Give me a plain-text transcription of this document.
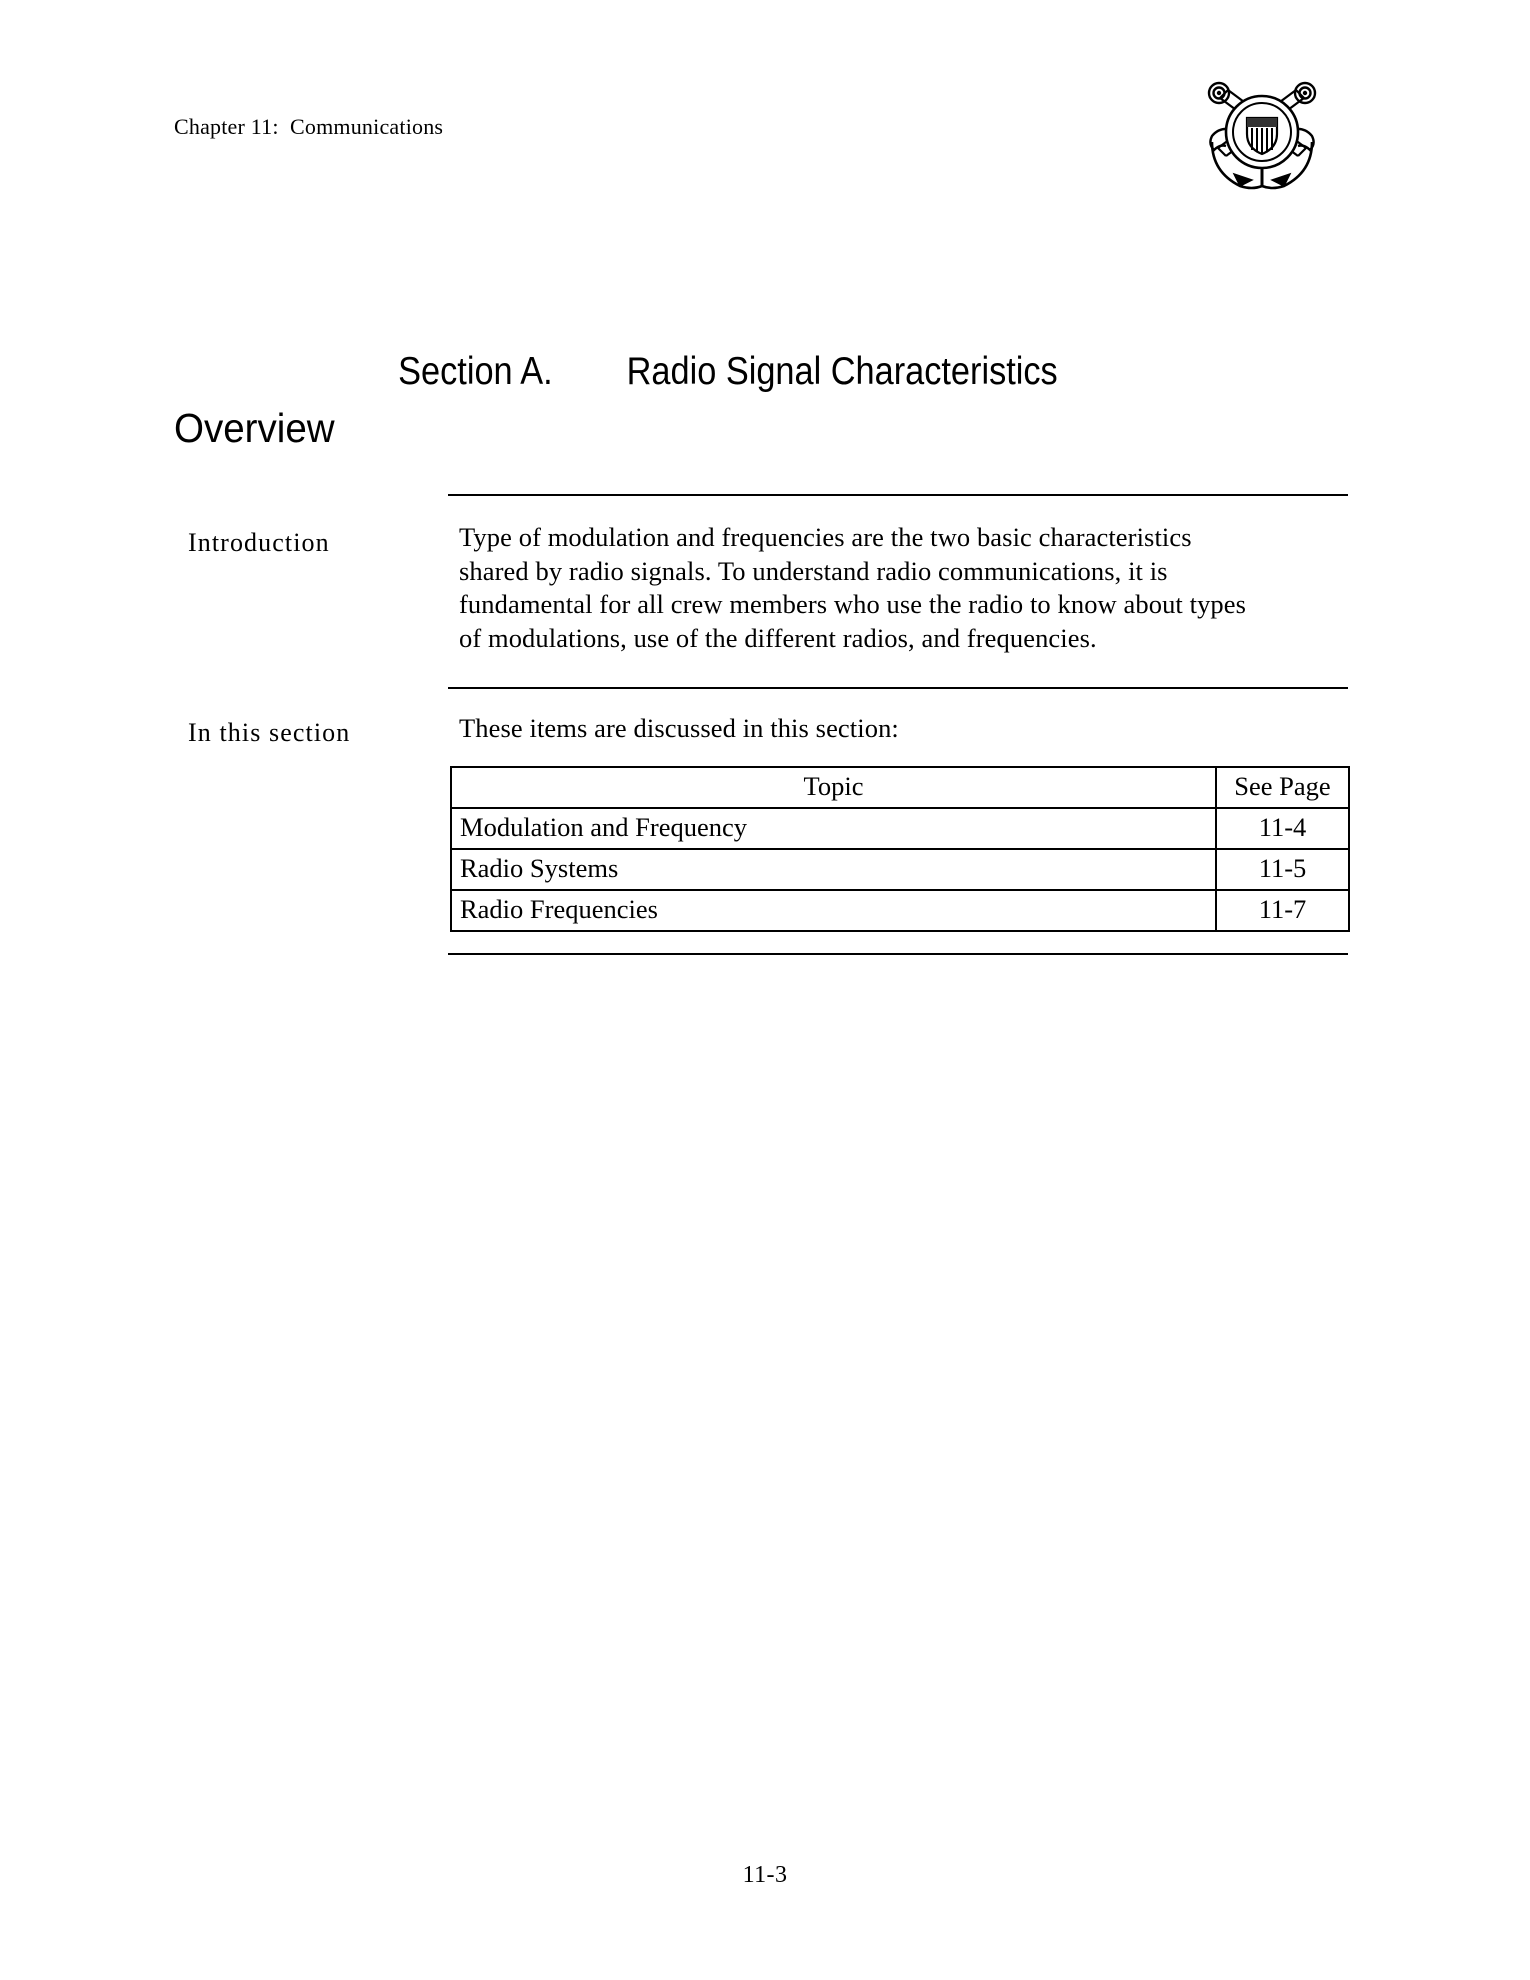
Chapter 11:  Communications

Section A. Radio Signal Characteristics

Overview
Introduction	Type of modulation and frequencies are the two basic characteristics
shared by radio signals. To understand radio communications, it is
fundamental for all crew members who use the radio to know about types
of modulations, use of the different radios, and frequencies.

In this section	These items are discussed in this section:
Topic	See Page
Modulation and Frequency	11-4
Radio Systems	11-5
Radio Frequencies	11-7
11-3
